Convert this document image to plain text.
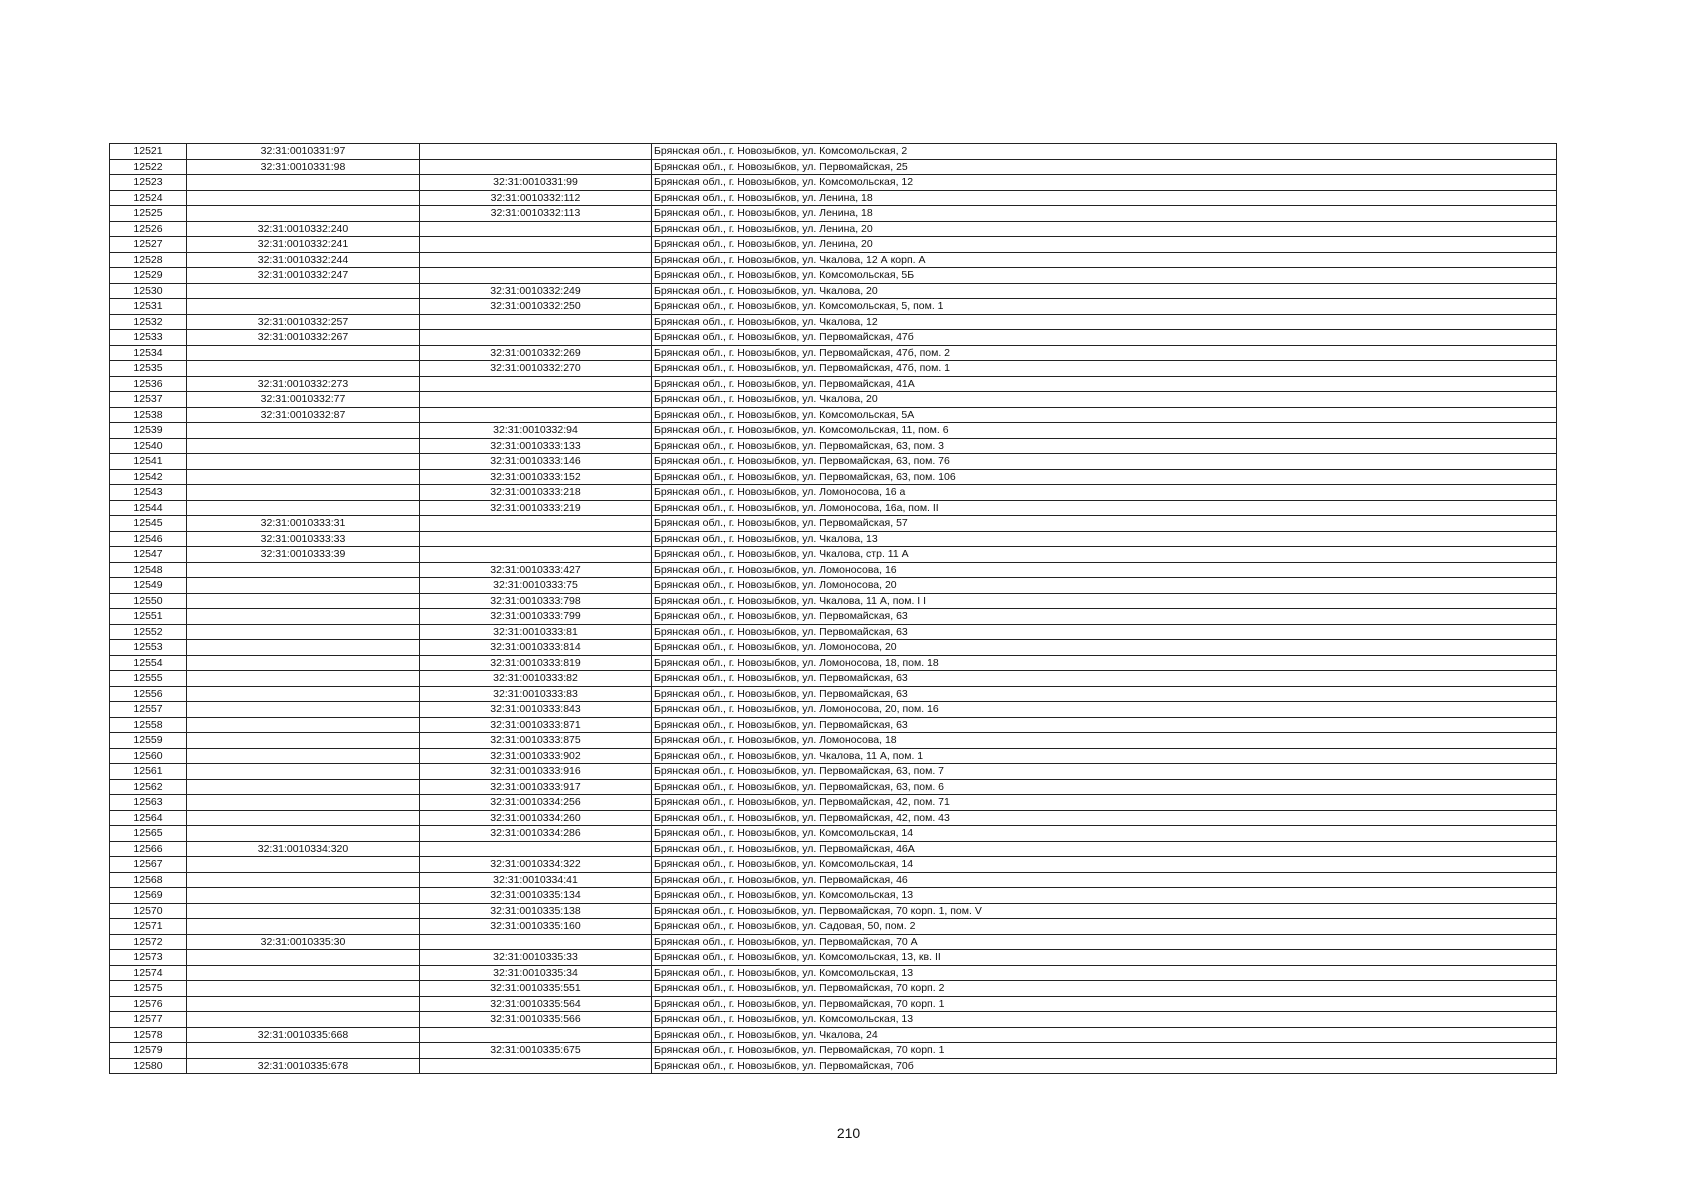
12521	32:31:0010331:97		Брянская обл., г. Новозыбков, ул. Комсомольская, 2
12522	32:31:0010331:98		Брянская обл., г. Новозыбков, ул. Первомайская, 25
12523		32:31:0010331:99	Брянская обл., г. Новозыбков, ул. Комсомольская, 12
12524		32:31:0010332:112	Брянская обл., г. Новозыбков, ул. Ленина, 18
12525		32:31:0010332:113	Брянская обл., г. Новозыбков, ул. Ленина, 18
12526	32:31:0010332:240		Брянская обл., г. Новозыбков, ул. Ленина, 20
12527	32:31:0010332:241		Брянская обл., г. Новозыбков, ул. Ленина, 20
12528	32:31:0010332:244		Брянская обл., г. Новозыбков, ул. Чкалова, 12 А корп. А
12529	32:31:0010332:247		Брянская обл., г. Новозыбков, ул. Комсомольская, 5Б
12530		32:31:0010332:249	Брянская обл., г. Новозыбков, ул. Чкалова, 20
12531		32:31:0010332:250	Брянская обл., г. Новозыбков, ул. Комсомольская, 5, пом. 1
12532	32:31:0010332:257		Брянская обл., г. Новозыбков, ул. Чкалова, 12
12533	32:31:0010332:267		Брянская обл., г. Новозыбков, ул. Первомайская, 47б
12534		32:31:0010332:269	Брянская обл., г. Новозыбков, ул. Первомайская, 47б, пом. 2
12535		32:31:0010332:270	Брянская обл., г. Новозыбков, ул. Первомайская, 47б, пом. 1
12536	32:31:0010332:273		Брянская обл., г. Новозыбков, ул. Первомайская, 41А
12537	32:31:0010332:77		Брянская обл., г. Новозыбков, ул. Чкалова, 20
12538	32:31:0010332:87		Брянская обл., г. Новозыбков, ул. Комсомольская, 5А
12539		32:31:0010332:94	Брянская обл., г. Новозыбков, ул. Комсомольская, 11, пом. 6
12540		32:31:0010333:133	Брянская обл., г. Новозыбков, ул. Первомайская, 63, пом. 3
12541		32:31:0010333:146	Брянская обл., г. Новозыбков, ул. Первомайская, 63, пом. 76
12542		32:31:0010333:152	Брянская обл., г. Новозыбков, ул. Первомайская, 63, пом. 106
12543		32:31:0010333:218	Брянская обл., г. Новозыбков, ул. Ломоносова, 16 а
12544		32:31:0010333:219	Брянская обл., г. Новозыбков, ул. Ломоносова, 16а, пом. II
12545	32:31:0010333:31		Брянская обл., г. Новозыбков, ул. Первомайская, 57
12546	32:31:0010333:33		Брянская обл., г. Новозыбков, ул. Чкалова, 13
12547	32:31:0010333:39		Брянская обл., г. Новозыбков, ул. Чкалова, стр. 11 А
12548		32:31:0010333:427	Брянская обл., г. Новозыбков, ул. Ломоносова, 16
12549		32:31:0010333:75	Брянская обл., г. Новозыбков, ул. Ломоносова, 20
12550		32:31:0010333:798	Брянская обл., г. Новозыбков, ул. Чкалова, 11 А, пом. I I
12551		32:31:0010333:799	Брянская обл., г. Новозыбков, ул. Первомайская, 63
12552		32:31:0010333:81	Брянская обл., г. Новозыбков, ул. Первомайская, 63
12553		32:31:0010333:814	Брянская обл., г. Новозыбков, ул. Ломоносова, 20
12554		32:31:0010333:819	Брянская обл., г. Новозыбков, ул. Ломоносова, 18, пом. 18
12555		32:31:0010333:82	Брянская обл., г. Новозыбков, ул. Первомайская, 63
12556		32:31:0010333:83	Брянская обл., г. Новозыбков, ул. Первомайская, 63
12557		32:31:0010333:843	Брянская обл., г. Новозыбков, ул. Ломоносова, 20, пом. 16
12558		32:31:0010333:871	Брянская обл., г. Новозыбков, ул. Первомайская, 63
12559		32:31:0010333:875	Брянская обл., г. Новозыбков, ул. Ломоносова, 18
12560		32:31:0010333:902	Брянская обл., г. Новозыбков, ул. Чкалова, 11 А, пом. 1
12561		32:31:0010333:916	Брянская обл., г. Новозыбков, ул. Первомайская, 63, пом. 7
12562		32:31:0010333:917	Брянская обл., г. Новозыбков, ул. Первомайская, 63, пом. 6
12563		32:31:0010334:256	Брянская обл., г. Новозыбков, ул. Первомайская, 42, пом. 71
12564		32:31:0010334:260	Брянская обл., г. Новозыбков, ул. Первомайская, 42, пом. 43
12565		32:31:0010334:286	Брянская обл., г. Новозыбков, ул. Комсомольская, 14
12566	32:31:0010334:320		Брянская обл., г. Новозыбков, ул. Первомайская, 46А
12567		32:31:0010334:322	Брянская обл., г. Новозыбков, ул. Комсомольская, 14
12568		32:31:0010334:41	Брянская обл., г. Новозыбков, ул. Первомайская, 46
12569		32:31:0010335:134	Брянская обл., г. Новозыбков, ул. Комсомольская, 13
12570		32:31:0010335:138	Брянская обл., г. Новозыбков, ул. Первомайская, 70 корп. 1, пом. V
12571		32:31:0010335:160	Брянская обл., г. Новозыбков, ул. Садовая, 50, пом. 2
12572	32:31:0010335:30		Брянская обл., г. Новозыбков, ул. Первомайская, 70 А
12573		32:31:0010335:33	Брянская обл., г. Новозыбков, ул. Комсомольская, 13, кв. II
12574		32:31:0010335:34	Брянская обл., г. Новозыбков, ул. Комсомольская, 13
12575		32:31:0010335:551	Брянская обл., г. Новозыбков, ул. Первомайская, 70 корп. 2
12576		32:31:0010335:564	Брянская обл., г. Новозыбков, ул. Первомайская, 70 корп. 1
12577		32:31:0010335:566	Брянская обл., г. Новозыбков, ул. Комсомольская, 13
12578	32:31:0010335:668		Брянская обл., г. Новозыбков, ул. Чкалова, 24
12579		32:31:0010335:675	Брянская обл., г. Новозыбков, ул. Первомайская, 70 корп. 1
12580	32:31:0010335:678		Брянская обл., г. Новозыбков, ул. Первомайская, 70б
210
